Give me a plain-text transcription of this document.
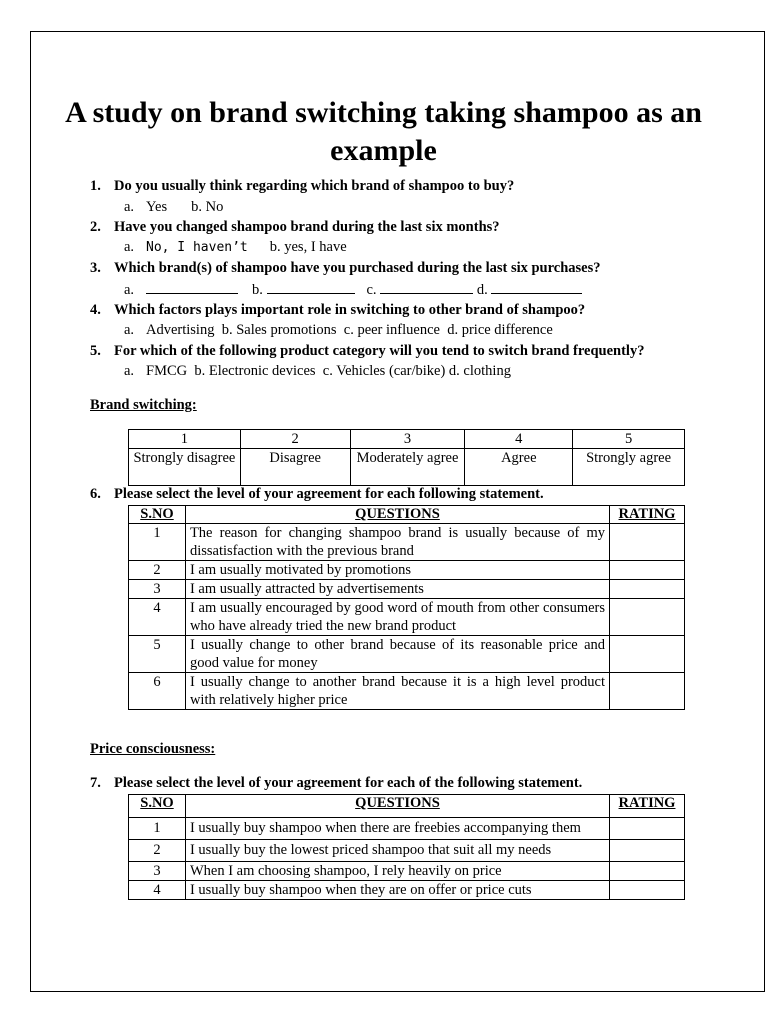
A study on brand switching taking shampoo as an example
1. Do you usually think regarding which brand of shampoo to buy?
a. Yes b. No
2. Have you changed shampoo brand during the last six months?
a. No, I haven’t b. yes, I have
3. Which brand(s) of shampoo have you purchased during the last six purchases?
a.	b.	c.	d.
4. Which factors plays important role in switching to other brand of shampoo?
a. Advertising  b. Sales promotions  c. peer influence  d. price difference
5. For which of the following product category will you tend to switch brand frequently?
a. FMCG  b. Electronic devices  c. Vehicles (car/bike) d. clothing
Brand switching:
1	2	3	4	5
Strongly disagree	Disagree	Moderately agree	Agree	Strongly agree
6. Please select the level of your agreement for each following statement.
S.NO	QUESTIONS	RATING
1	The reason for changing shampoo brand is usually because of my dissatisfaction with the previous brand	
2	I am usually motivated by promotions	
3	I am usually attracted by advertisements	
4	I am usually encouraged by good word of mouth from other consumers who have already tried the new brand product	
5	I usually change to other brand because of its reasonable price and good value for money	
6	I usually change to another brand because it is a high level product with relatively higher price	
Price consciousness:
7. Please select the level of your agreement for each of the following statement.
S.NO	QUESTIONS	RATING
1	I usually buy shampoo when there are freebies accompanying them	
2	I usually buy the lowest priced shampoo that suit all my needs	
3	When I am choosing shampoo, I rely heavily on price	
4	I usually buy shampoo when they are on offer or price cuts	
